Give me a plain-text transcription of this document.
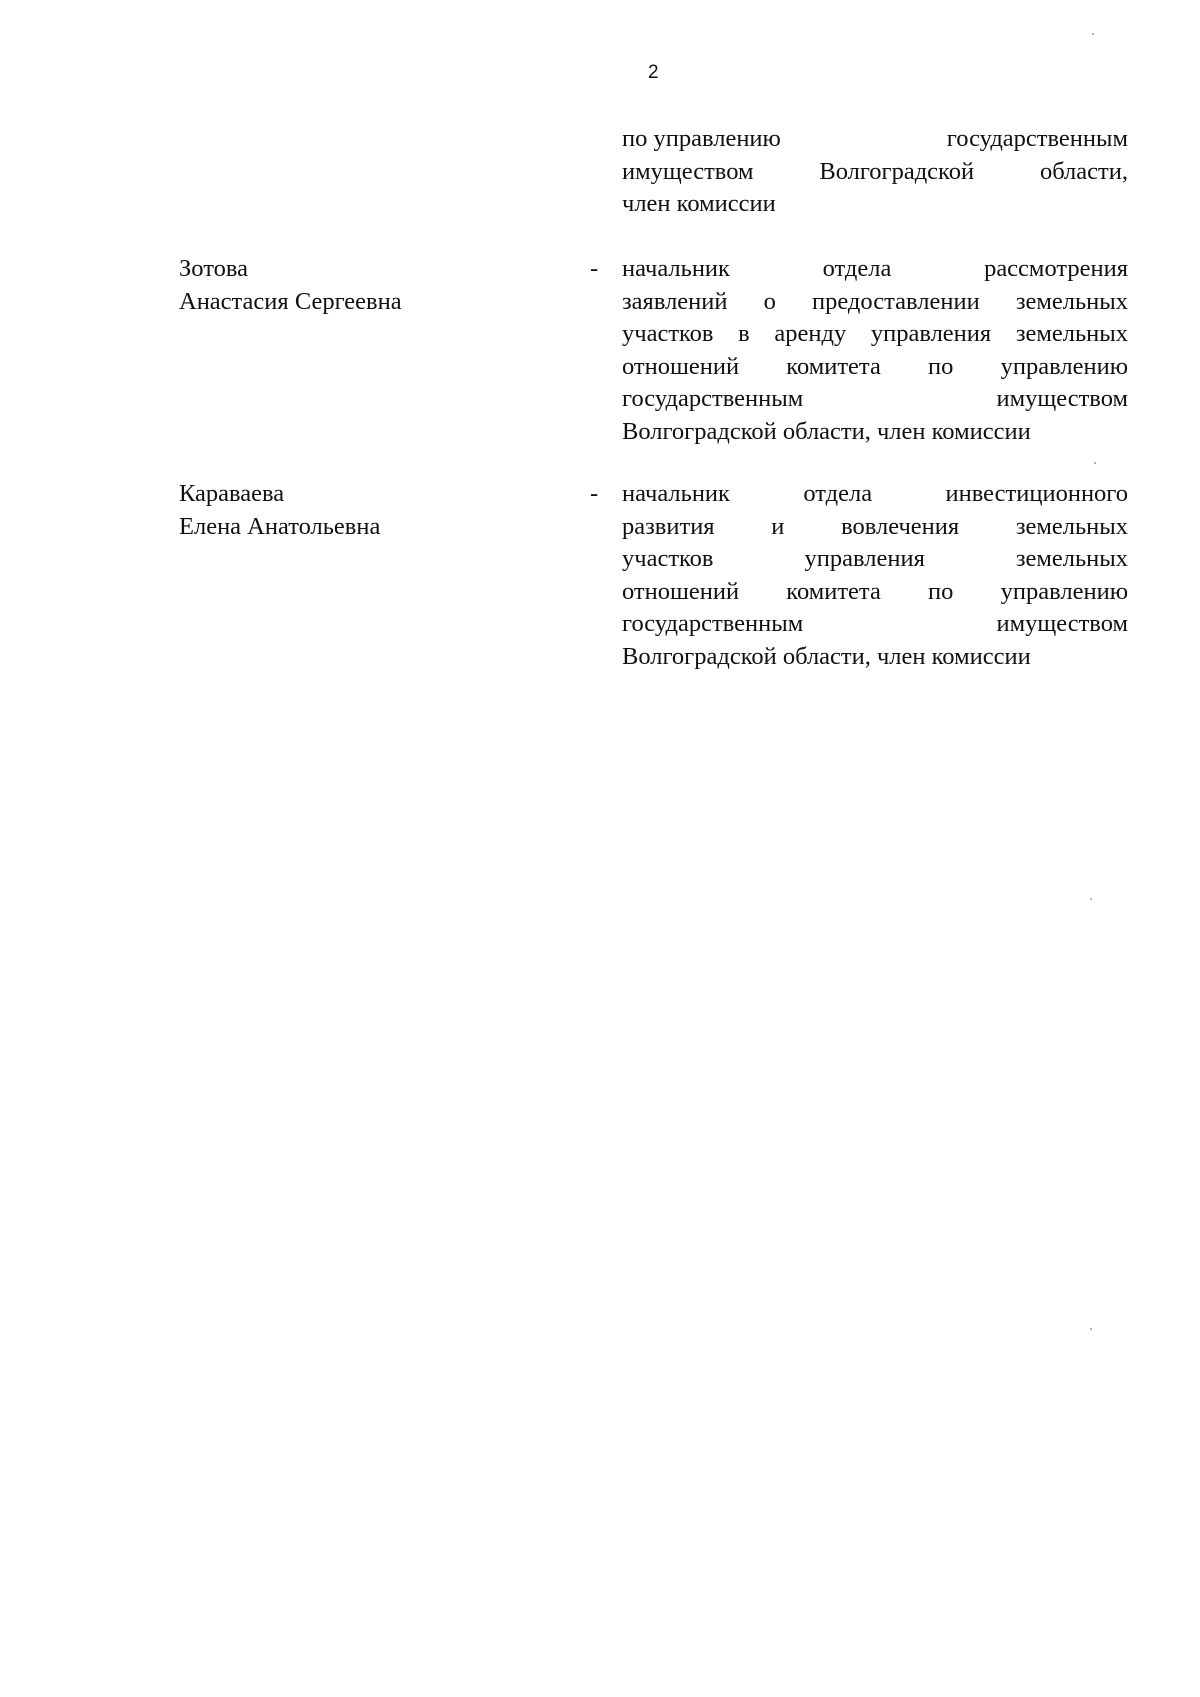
2
по управлению	государственным
имуществом	Волгоградской	области,
член комиссии
Зотова
Анастасия Сергеевна
- начальник	отдела	рассмотрения
заявлений о предоставлении земельных
участков в аренду управления земельных
отношений комитета по управлению
государственным	имуществом
Волгоградской области, член комиссии
Караваева
Елена Анатольевна
- начальник	отдела	инвестиционного
развития и вовлечения земельных
участков	управления	земельных
отношений комитета по управлению
государственным	имуществом
Волгоградской области, член комиссии
